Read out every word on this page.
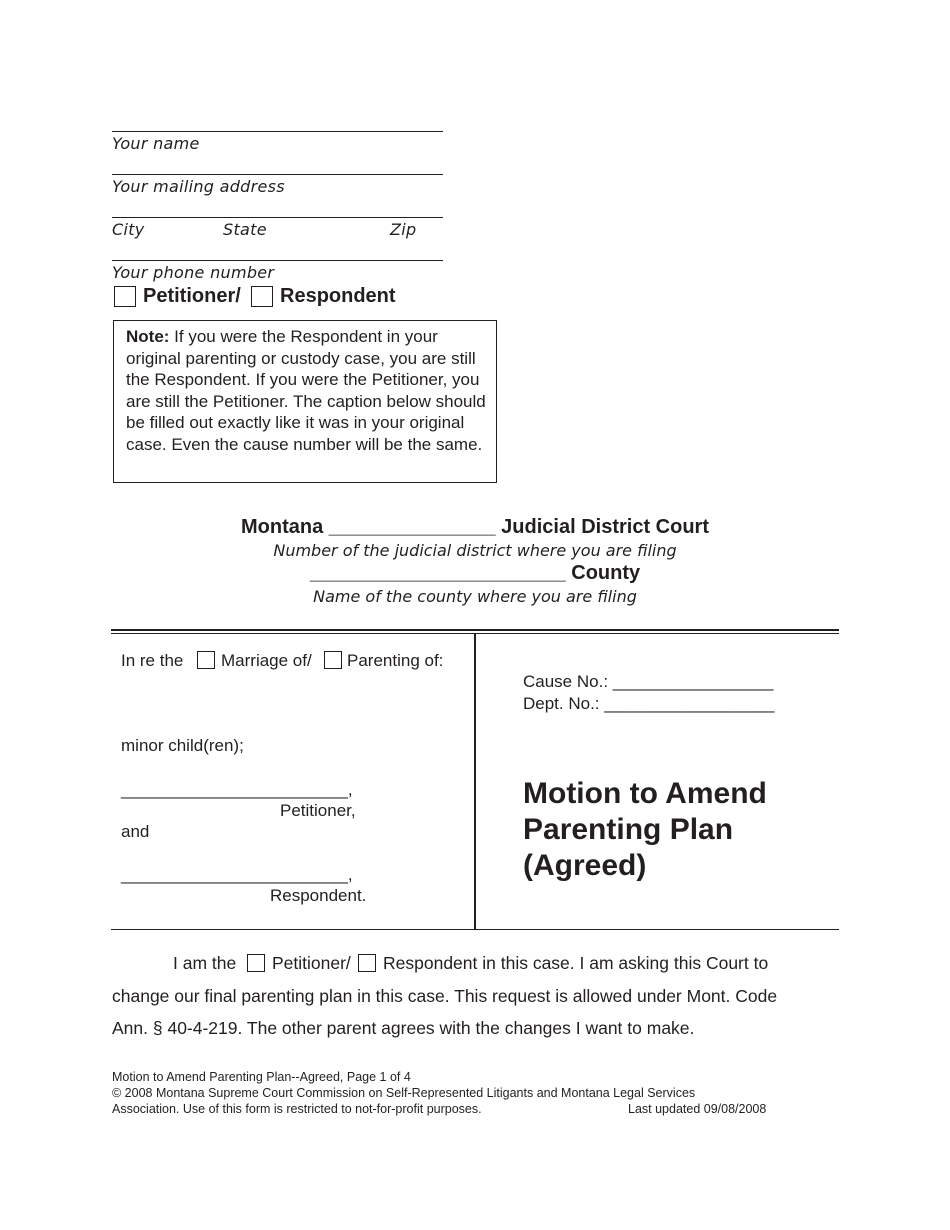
Your name
Your mailing address
City	State	Zip
Your phone number
Petitioner/ Respondent
Note: If you were the Respondent in your original parenting or custody case, you are still the Respondent. If you were the Petitioner, you are still the Petitioner. The caption below should be filled out exactly like it was in your original case. Even the cause number will be the same.
Montana _______________ Judicial District Court
Number of the judicial district where you are filing
_______________________ County
Name of the county where you are filing
In re the Marriage of/ Parenting of:
minor child(ren);
________________________,
Petitioner,
and
________________________,
Respondent.
Cause No.: _________________
Dept. No.: __________________
Motion to Amend
Parenting Plan
(Agreed)
I am the Petitioner/ Respondent in this case. I am asking this Court to
change our final parenting plan in this case. This request is allowed under Mont. Code
Ann. § 40-4-219. The other parent agrees with the changes I want to make.
Motion to Amend Parenting Plan--Agreed, Page 1 of 4
© 2008 Montana Supreme Court Commission on Self-Represented Litigants and Montana Legal Services
Association. Use of this form is restricted to not-for-profit purposes.	Last updated 09/08/2008
